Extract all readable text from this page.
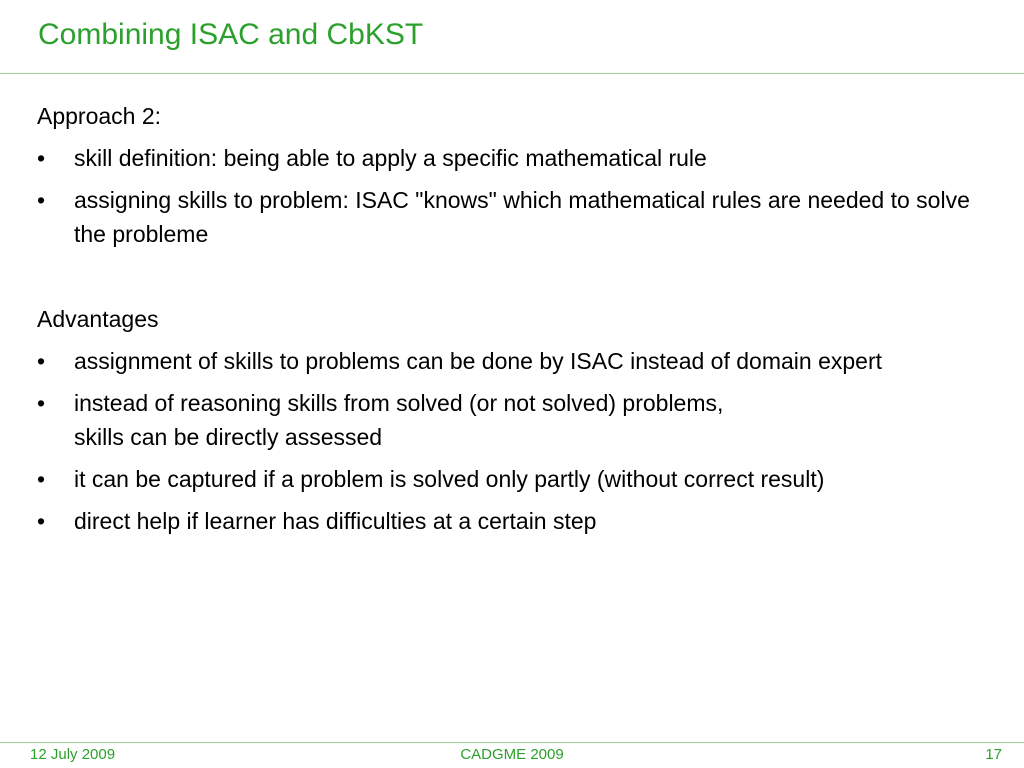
Combining ISAC and CbKST
Approach 2:
•	skill definition: being able to apply a specific mathematical rule
•	assigning skills to problem: ISAC "knows" which mathematical rules are needed to solve the probleme
Advantages
•	assignment of skills to problems can be done by ISAC instead of domain expert
•	instead of reasoning skills from solved (or not solved) problems,
skills can be directly assessed
•	it can be captured if a problem is solved only partly (without correct result)
•	direct help if learner has difficulties at a certain step
12 July 2009	CADGME 2009	17
